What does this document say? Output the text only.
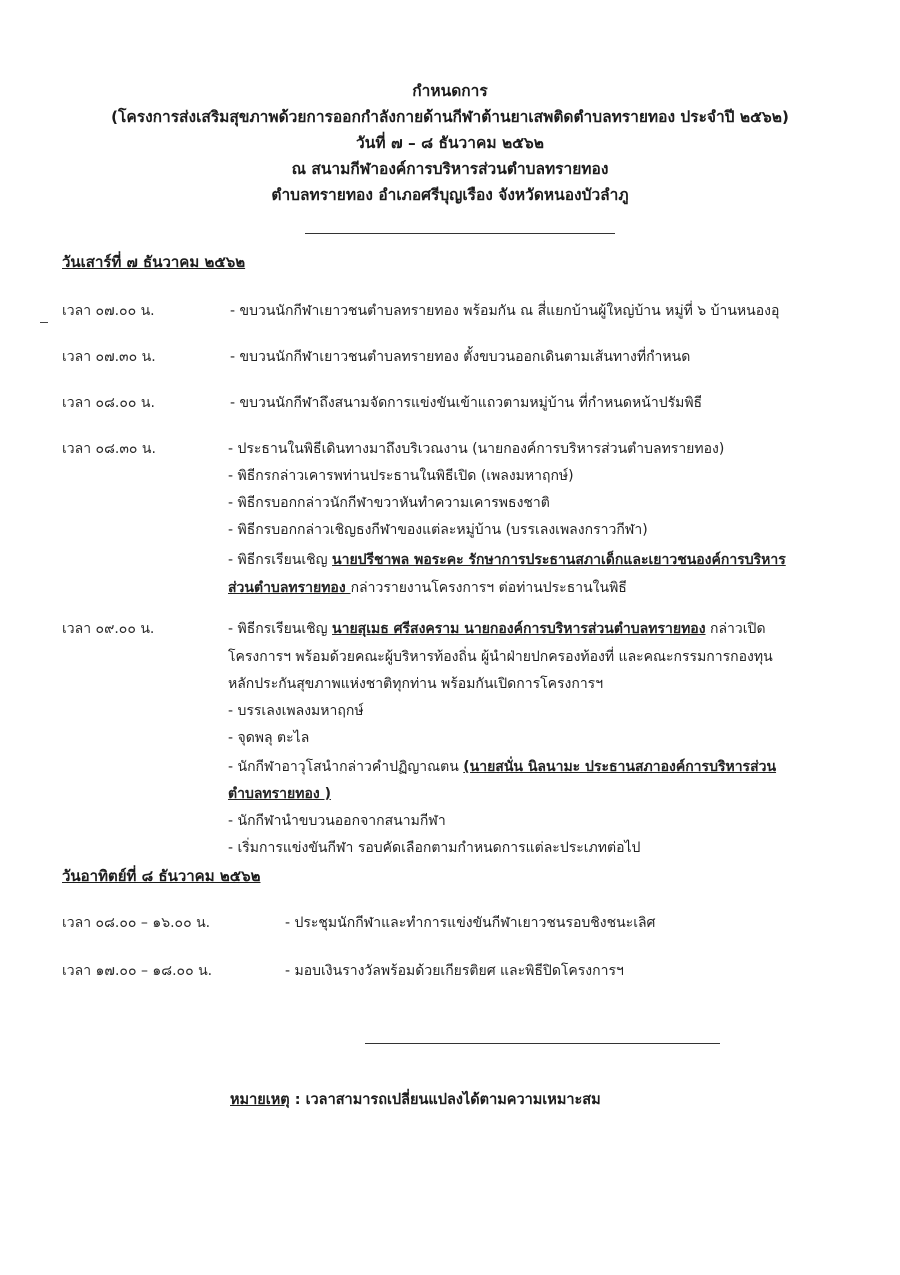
กำหนดการ
(โครงการส่งเสริมสุขภาพด้วยการออกกำลังกายด้านกีฬาต้านยาเสพติดตำบลทรายทอง ประจำปี ๒๕๖๒)
วันที่ ๗ – ๘ ธันวาคม ๒๕๖๒
ณ สนามกีฬาองค์การบริหารส่วนตำบลทรายทอง
ตำบลทรายทอง อำเภอศรีบุญเรือง จังหวัดหนองบัวลำภู
วันเสาร์ที่ ๗ ธันวาคม ๒๕๖๒
เวลา ๐๗.๐๐ น.	- ขบวนนักกีฬาเยาวชนตำบลทรายทอง พร้อมกัน ณ สี่แยกบ้านผู้ใหญ่บ้าน หมู่ที่ ๖ บ้านหนองอุ
เวลา ๐๗.๓๐ น.	- ขบวนนักกีฬาเยาวชนตำบลทรายทอง ตั้งขบวนออกเดินตามเส้นทางที่กำหนด
เวลา ๐๘.๐๐ น.	- ขบวนนักกีฬาถึงสนามจัดการแข่งขันเข้าแถวตามหมู่บ้าน ที่กำหนดหน้าปรัมพิธี
เวลา ๐๘.๓๐ น.	- ประธานในพิธีเดินทางมาถึงบริเวณงาน (นายกองค์การบริหารส่วนตำบลทรายทอง)
- พิธีกรกล่าวเคารพท่านประธานในพิธีเปิด (เพลงมหาฤกษ์)
- พิธีกรบอกกล่าวนักกีฬาขวาหันทำความเคารพธงชาติ
- พิธีกรบอกกล่าวเชิญธงกีฬาของแต่ละหมู่บ้าน (บรรเลงเพลงกราวกีฬา)
- พิธีกรเรียนเชิญ นายปรีชาพล พอระคะ รักษาการประธานสภาเด็กและเยาวชนองค์การบริหาร
ส่วนตำบลทรายทอง กล่าวรายงานโครงการฯ ต่อท่านประธานในพิธี
เวลา ๐๙.๐๐ น.	- พิธีกรเรียนเชิญ นายสุเมธ ศรีสงคราม นายกองค์การบริหารส่วนตำบลทรายทอง กล่าวเปิด
โครงการฯ พร้อมด้วยคณะผู้บริหารท้องถิ่น ผู้นำฝ่ายปกครองท้องที่ และคณะกรรมการกองทุน
หลักประกันสุขภาพแห่งชาติทุกท่าน พร้อมกันเปิดการโครงการฯ
- บรรเลงเพลงมหาฤกษ์
- จุดพลุ ตะไล
- นักกีฬาอาวุโสนำกล่าวคำปฏิญาณตน (นายสนั่น นิลนามะ ประธานสภาองค์การบริหารส่วน
ตำบลทรายทอง )
- นักกีฬานำขบวนออกจากสนามกีฬา
- เริ่มการแข่งขันกีฬา รอบคัดเลือกตามกำหนดการแต่ละประเภทต่อไป
วันอาทิตย์ที่ ๘ ธันวาคม ๒๕๖๒
เวลา ๐๘.๐๐ – ๑๖.๐๐ น.	- ประชุมนักกีฬาและทำการแข่งขันกีฬาเยาวชนรอบชิงชนะเลิศ
เวลา ๑๗.๐๐ – ๑๘.๐๐ น.	- มอบเงินรางวัลพร้อมด้วยเกียรติยศ และพิธีปิดโครงการฯ
หมายเหตุ : เวลาสามารถเปลี่ยนแปลงได้ตามความเหมาะสม
